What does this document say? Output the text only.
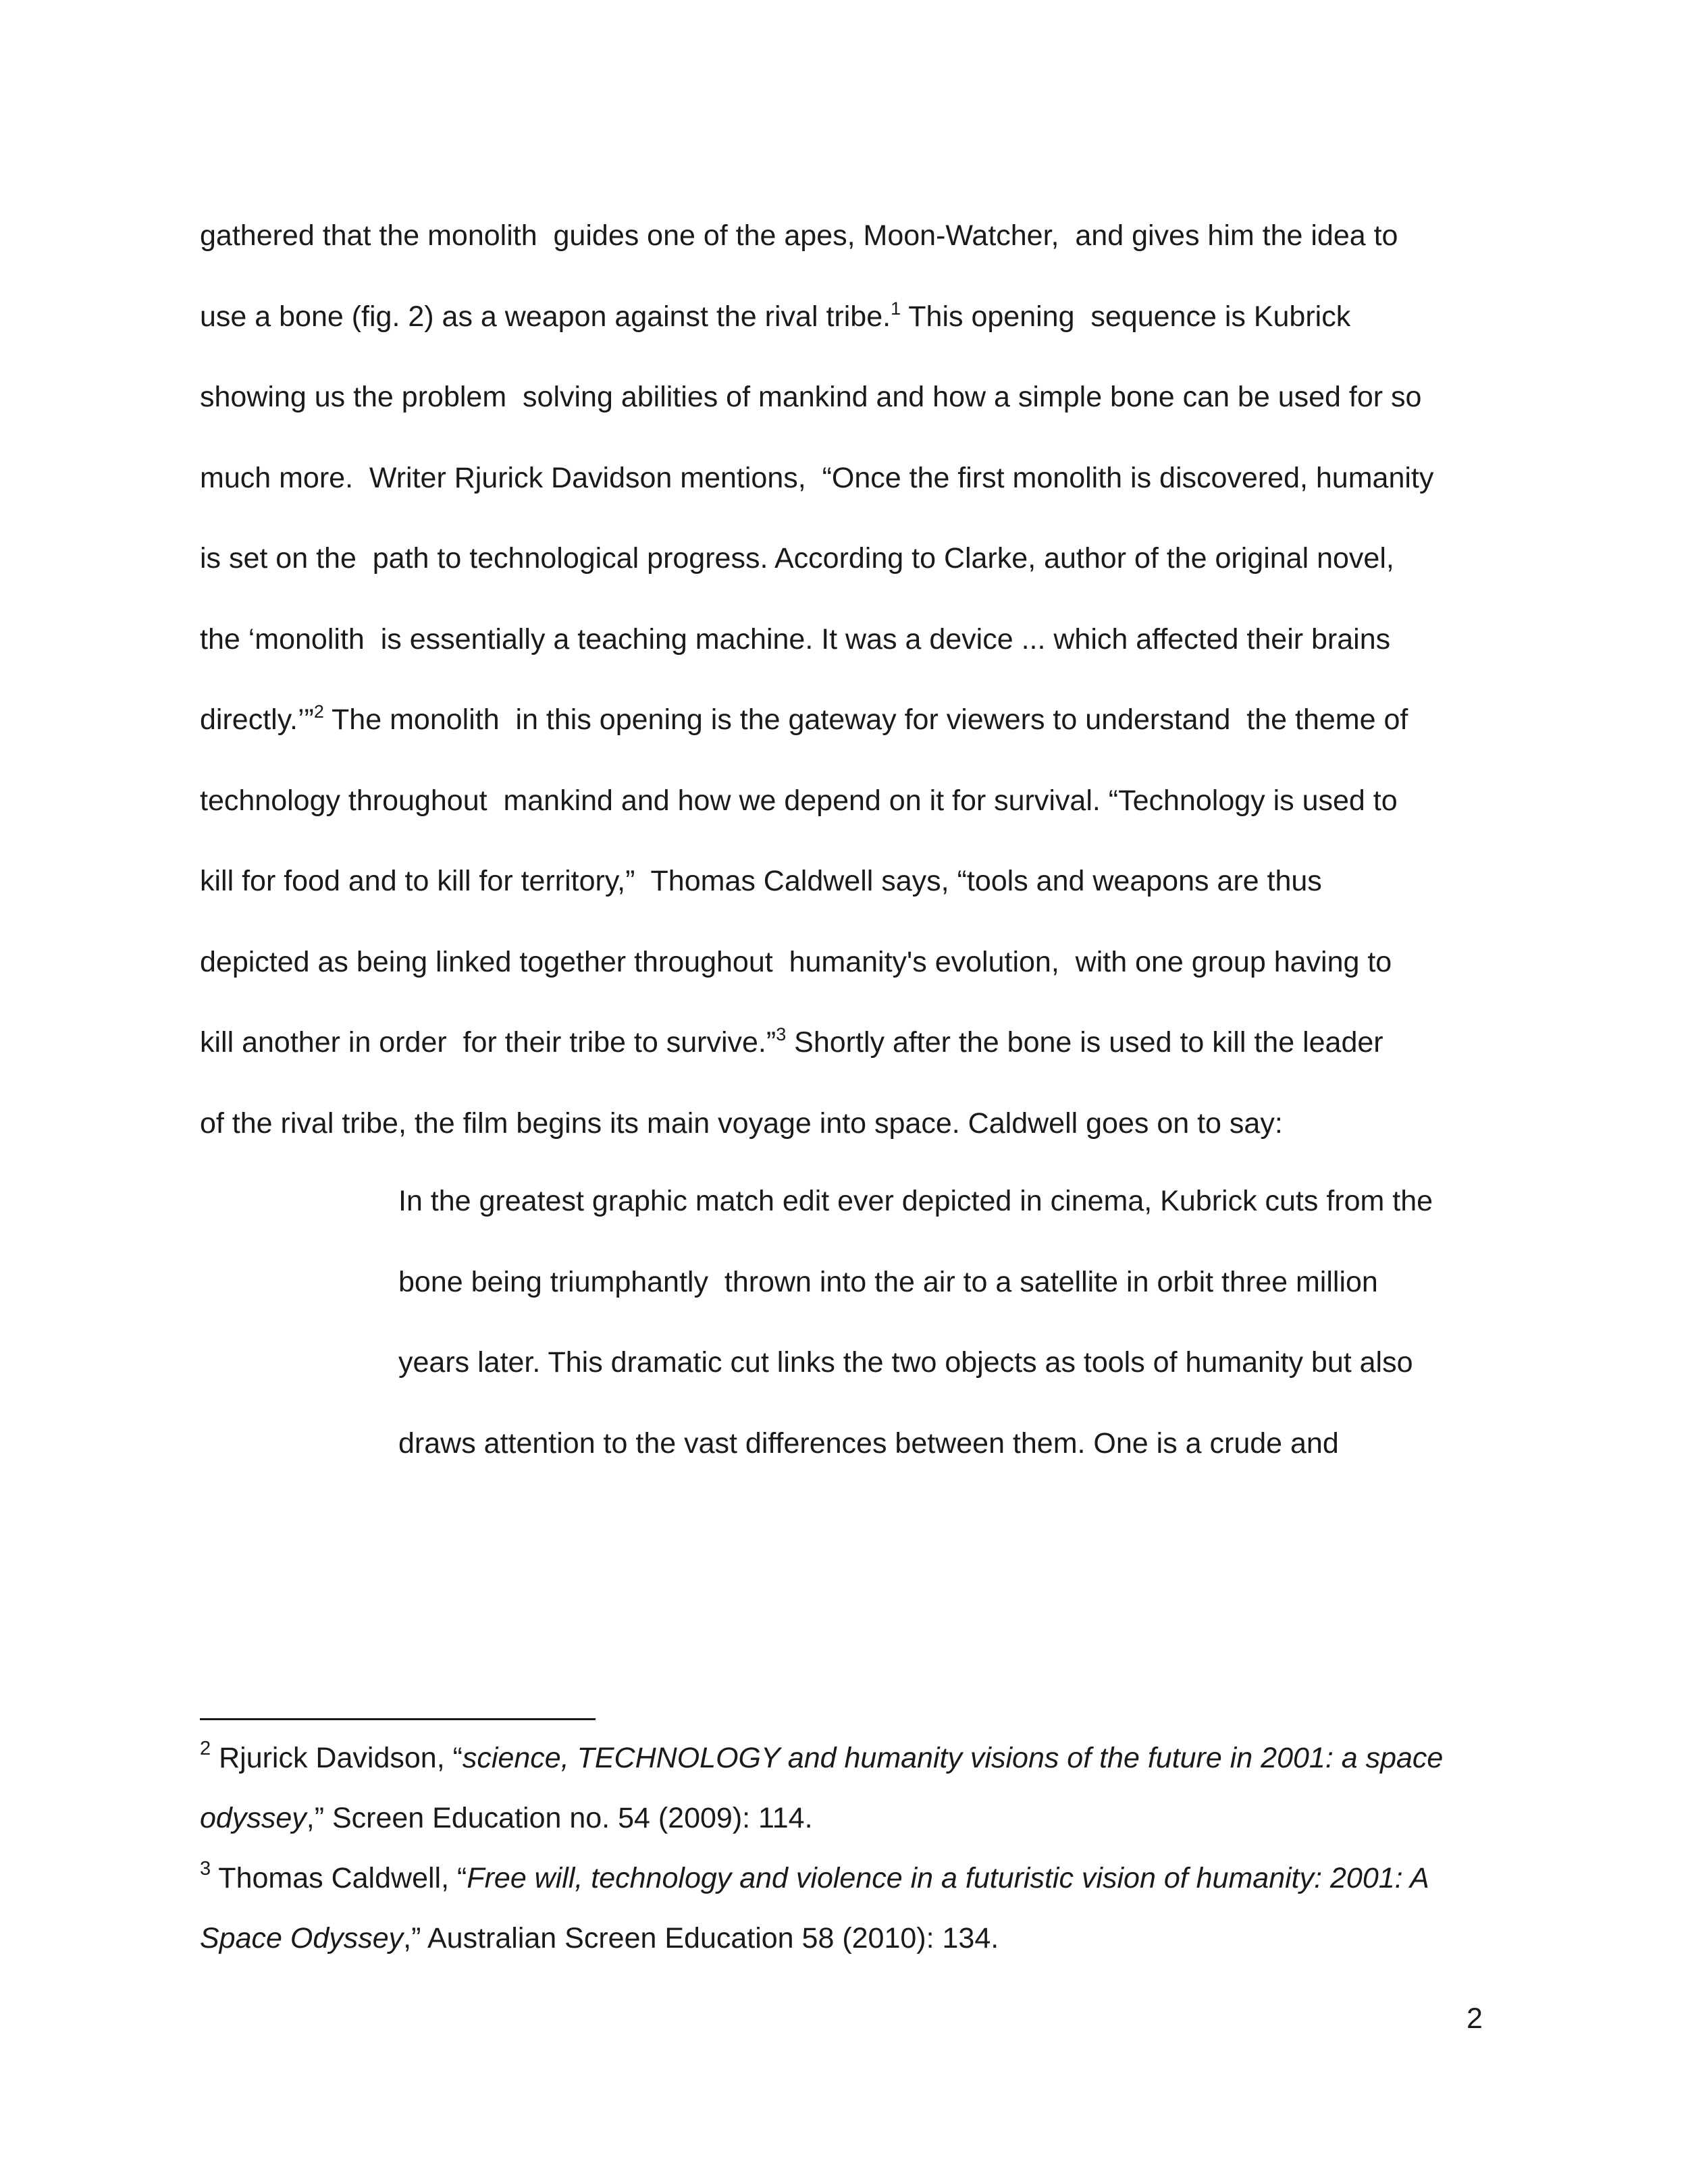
gathered that the monolith  guides one of the apes, Moon-Watcher,  and gives him the idea to
use a bone (fig. 2) as a weapon against the rival tribe.$^1$ This opening  sequence is Kubrick
showing us the problem  solving abilities of mankind and how a simple bone can be used for so
much more.  Writer Rjurick Davidson mentions,  “Once the first monolith is discovered, humanity
is set on the  path to technological progress. According to Clarke, author of the original novel,
the ‘monolith  is essentially a teaching machine. It was a device ... which affected their brains
directly.’”$^2$ The monolith  in this opening is the gateway for viewers to understand  the theme of
technology throughout  mankind and how we depend on it for survival. “Technology is used to
kill for food and to kill for territory,”  Thomas Caldwell says, “tools and weapons are thus
depicted as being linked together throughout  humanity's evolution,  with one group having to
kill another in order  for their tribe to survive.”$^3$ Shortly after the bone is used to kill the leader
of the rival tribe, the film begins its main voyage into space. Caldwell goes on to say:
In the greatest graphic match edit ever depicted in cinema, Kubrick cuts from the
bone being triumphantly  thrown into the air to a satellite in orbit three million
years later. This dramatic cut links the two objects as tools of humanity but also
draws attention to the vast differences between them. One is a crude and
$^2$ Rjurick Davidson, “science, TECHNOLOGY and humanity visions of the future in 2001: a space
odyssey,” Screen Education no. 54 (2009): 114.
$^3$ Thomas Caldwell, “Free will, technology and violence in a futuristic vision of humanity: 2001: A
Space Odyssey,” Australian Screen Education 58 (2010): 134.
2
